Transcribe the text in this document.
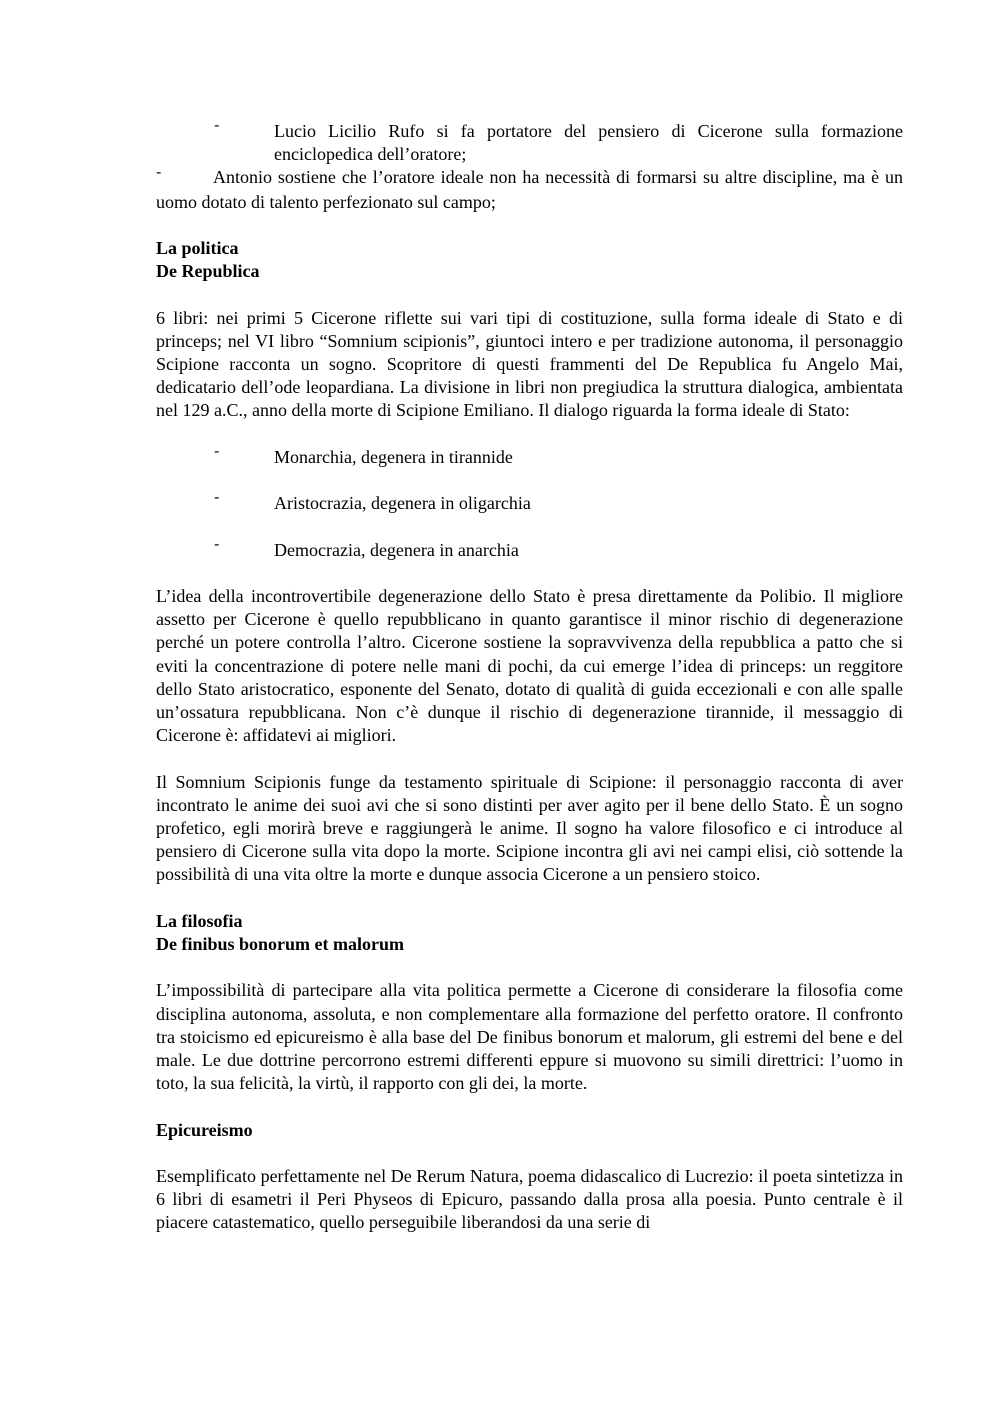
-	Lucio Licilio Rufo si fa portatore del pensiero di Cicerone sulla formazione enciclopedica dell’oratore;

-	Antonio sostiene che l’oratore ideale non ha necessità di formarsi su altre discipline, ma è un uomo dotato di talento perfezionato sul campo;

La politica

De Republica

6 libri: nei primi 5 Cicerone riflette sui vari tipi di costituzione, sulla forma ideale di Stato e di princeps; nel VI libro “Somnium scipionis”, giuntoci intero e per tradizione autonoma, il personaggio Scipione racconta un sogno. Scopritore di questi frammenti del De Republica fu Angelo Mai, dedicatario dell’ode leopardiana. La divisione in libri non pregiudica la struttura dialogica, ambientata nel 129 a.C., anno della morte di Scipione Emiliano. Il dialogo riguarda la forma ideale di Stato:

-	Monarchia, degenera in tirannide

-	Aristocrazia, degenera in oligarchia

-	Democrazia, degenera in anarchia

L’idea della incontrovertibile degenerazione dello Stato è presa direttamente da Polibio. Il migliore assetto per Cicerone è quello repubblicano in quanto garantisce il minor rischio di degenerazione perché un potere controlla l’altro. Cicerone sostiene la sopravvivenza della repubblica a patto che si eviti la concentrazione di potere nelle mani di pochi, da cui emerge l’idea di princeps: un reggitore dello Stato aristocratico, esponente del Senato, dotato di qualità di guida eccezionali e con alle spalle un’ossatura repubblicana. Non c’è dunque il rischio di degenerazione tirannide, il messaggio di Cicerone è: affidatevi ai migliori.

Il Somnium Scipionis funge da testamento spirituale di Scipione: il personaggio racconta di aver incontrato le anime dei suoi avi che si sono distinti per aver agito per il bene dello Stato. È un sogno profetico, egli morirà breve e raggiungerà le anime. Il sogno ha valore filosofico e ci introduce al pensiero di Cicerone sulla vita dopo la morte. Scipione incontra gli avi nei campi elisi, ciò sottende la possibilità di una vita oltre la morte e dunque associa Cicerone a un pensiero stoico.

La filosofia

De finibus bonorum et malorum

L’impossibilità di partecipare alla vita politica permette a Cicerone di considerare la filosofia come disciplina autonoma, assoluta, e non complementare alla formazione del perfetto oratore. Il confronto tra stoicismo ed epicureismo è alla base del De finibus bonorum et malorum, gli estremi del bene e del male. Le due dottrine percorrono estremi differenti eppure si muovono su simili direttrici: l’uomo in toto, la sua felicità, la virtù, il rapporto con gli dei, la morte.

Epicureismo

Esemplificato perfettamente nel De Rerum Natura, poema didascalico di Lucrezio: il poeta sintetizza in 6 libri di esametri il Peri Physeos di Epicuro, passando dalla prosa alla poesia. Punto centrale è il piacere catastematico, quello perseguibile liberandosi da una serie di
